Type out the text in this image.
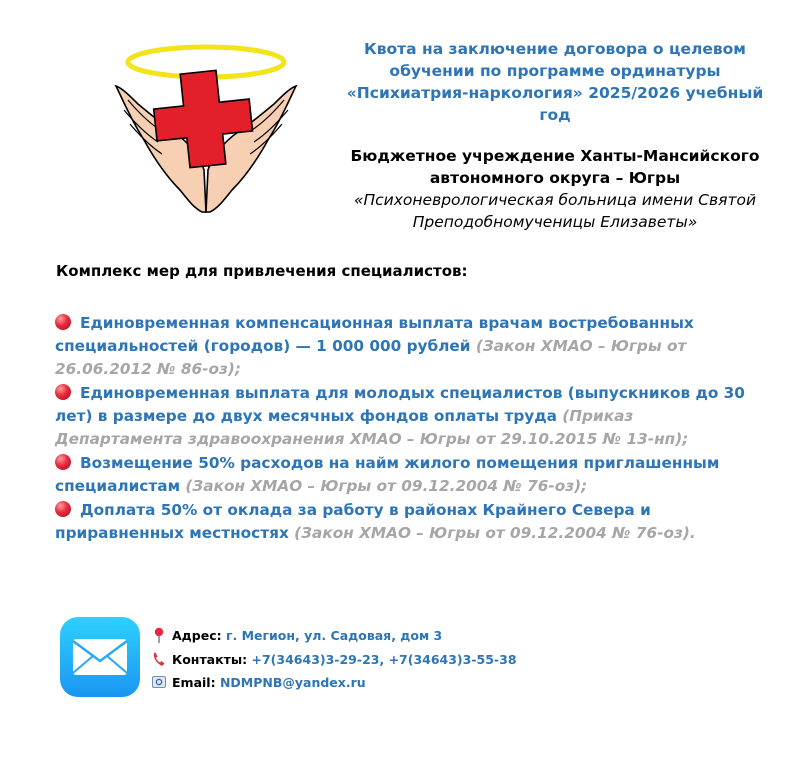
Квота на заключение договора о целевом
обучении по программе ординатуры
«Психиатрия-наркология» 2025/2026 учебный год
Бюджетное учреждение Ханты-Мансийского
автономного округа – Югры
«Психоневрологическая больница имени Святой
Преподобномученицы Елизаветы»
Комплекс мер для привлечения специалистов:
Единовременная компенсационная выплата врачам востребованных специальностей (городов) — 1 000 000 рублей (Закон ХМАО – Югры от 26.06.2012 № 86-оз);
Единовременная выплата для молодых специалистов (выпускников до 30 лет) в размере до двух месячных фондов оплаты труда (Приказ Департамента здравоохранения ХМАО – Югры от 29.10.2015 № 13-нп);
Возмещение 50% расходов на найм жилого помещения приглашенным специалистам (Закон ХМАО – Югры от 09.12.2004 № 76-оз);
Доплата 50% от оклада за работу в районах Крайнего Севера и приравненных местностях (Закон ХМАО – Югры от 09.12.2004 № 76-оз).
Адрес: г. Мегион, ул. Садовая, дом 3
Контакты: +7(34643)3-29-23, +7(34643)3-55-38
Email: NDMPNB@yandex.ru
